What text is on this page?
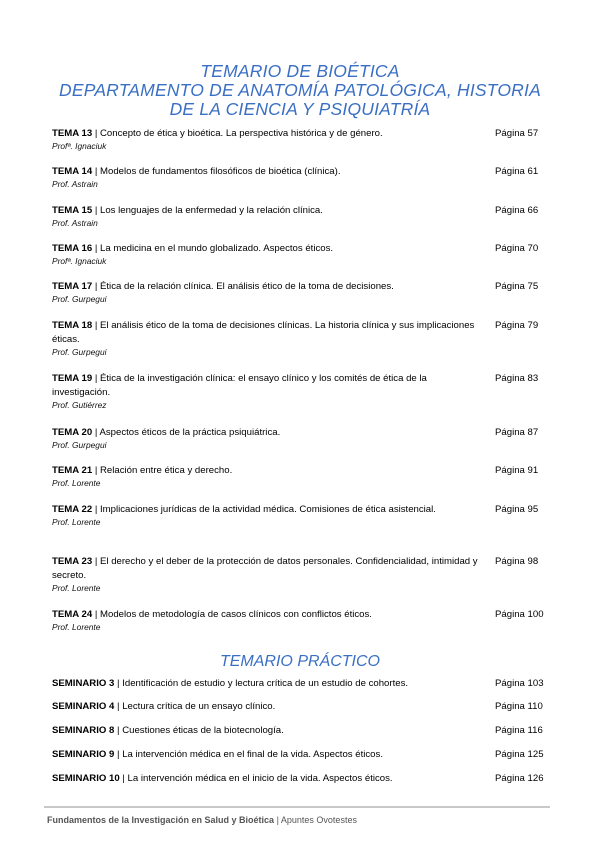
TEMARIO DE BIOÉTICA
DEPARTAMENTO DE ANATOMÍA PATOLÓGICA, HISTORIA
DE LA CIENCIA Y PSIQUIATRÍA
TEMA 13 | Concepto de ética y bioética. La perspectiva histórica y de género.
Profª. Ignaciuk
Página 57
TEMA 14 | Modelos de fundamentos filosóficos de bioética (clínica).
Prof. Astrain
Página 61
TEMA 15 | Los lenguajes de la enfermedad y la relación clínica.
Prof. Astrain
Página 66
TEMA 16 | La medicina en el mundo globalizado. Aspectos éticos.
Profª. Ignaciuk
Página 70
TEMA 17 | Ética de la relación clínica. El análisis ético de la toma de decisiones.
Prof. Gurpegui
Página 75
TEMA 18 | El análisis ético de la toma de decisiones clínicas. La historia clínica y sus implicaciones éticas.
Prof. Gurpegui
Página 79
TEMA 19 | Ética de la investigación clínica: el ensayo clínico y los comités de ética de la investigación.
Prof. Gutiérrez
Página 83
TEMA 20 | Aspectos éticos de la práctica psiquiátrica.
Prof. Gurpegui
Página 87
TEMA 21 | Relación entre ética y derecho.
Prof. Lorente
Página 91
TEMA 22 | Implicaciones jurídicas de la actividad médica. Comisiones de ética asistencial.
Prof. Lorente
Página 95
TEMA 23 | El derecho y el deber de la protección de datos personales. Confidencialidad, intimidad y secreto.
Prof. Lorente
Página 98
TEMA 24 | Modelos de metodología de casos clínicos con conflictos éticos.
Prof. Lorente
Página 100
TEMARIO PRÁCTICO
SEMINARIO 3 | Identificación de estudio y lectura crítica de un estudio de cohortes.	Página 103
SEMINARIO 4 | Lectura crítica de un ensayo clínico.	Página 110
SEMINARIO 8 | Cuestiones éticas de la biotecnología.	Página 116
SEMINARIO 9 | La intervención médica en el final de la vida. Aspectos éticos.	Página 125
SEMINARIO 10 | La intervención médica en el inicio de la vida. Aspectos éticos.	Página 126
Fundamentos de la Investigación en Salud y Bioética | Apuntes Ovotestes
